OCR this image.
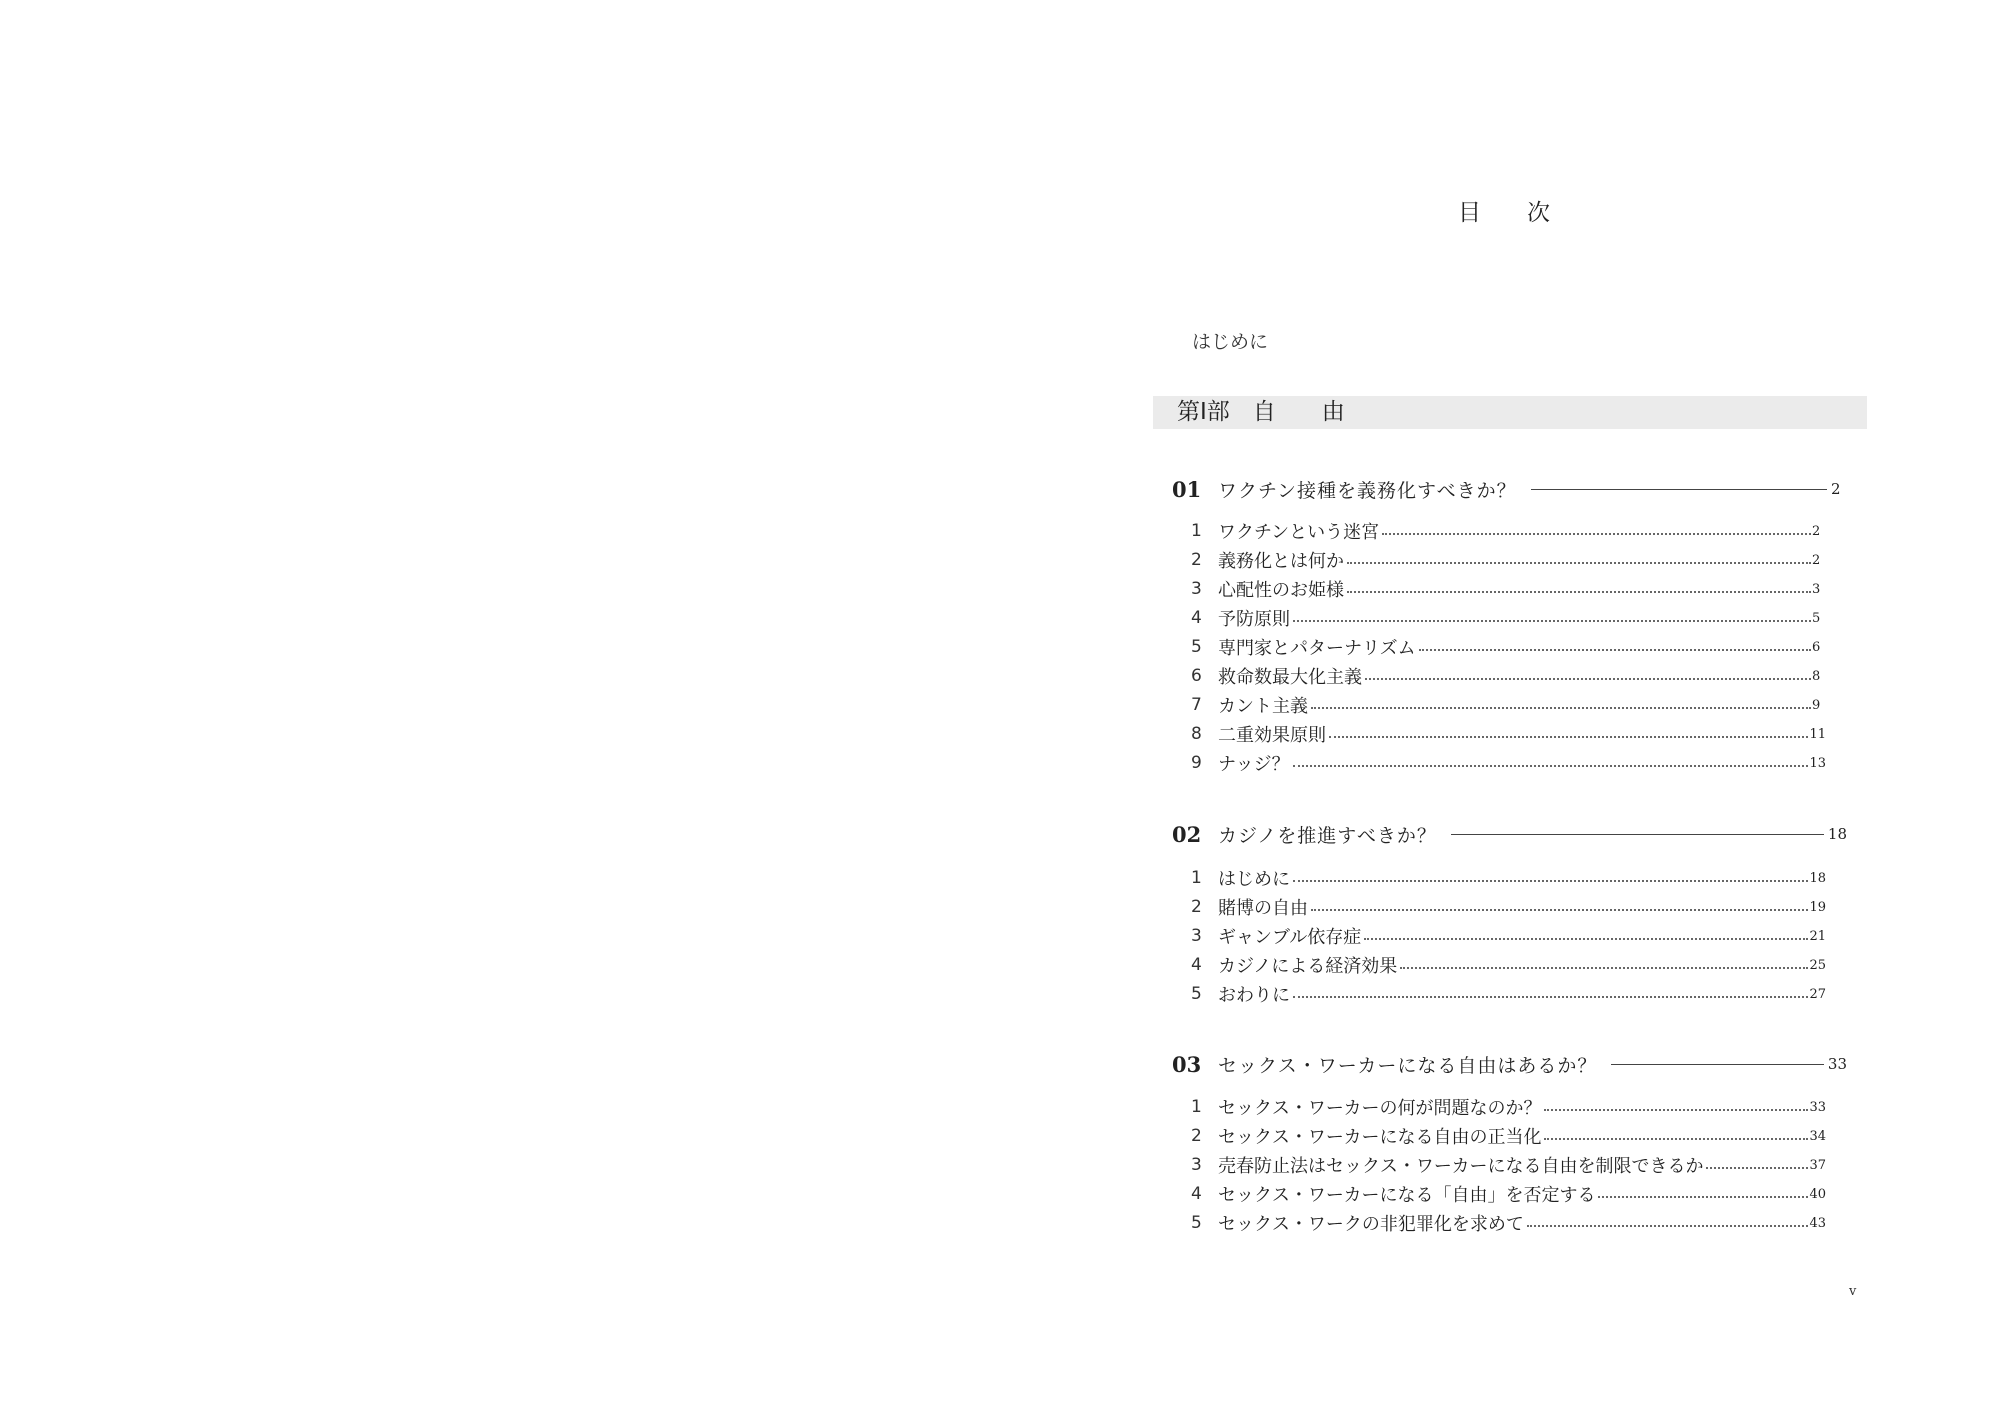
目　　次
はじめに
第Ⅰ部　自　　由
01 ワクチン接種を義務化すべきか？	2
1 ワクチンという迷宮	2
2 義務化とは何か	2
3 心配性のお姫様	3
4 予防原則	5
5 専門家とパターナリズム	6
6 救命数最大化主義	8
7 カント主義	9
8 二重効果原則	11
9 ナッジ？	13
02 カジノを推進すべきか？	18
1 はじめに	18
2 賭博の自由	19
3 ギャンブル依存症	21
4 カジノによる経済効果	25
5 おわりに	27
03 セックス・ワーカーになる自由はあるか？	33
1 セックス・ワーカーの何が問題なのか？	33
2 セックス・ワーカーになる自由の正当化	34
3 売春防止法はセックス・ワーカーになる自由を制限できるか	37
4 セックス・ワーカーになる「自由」を否定する	40
5 セックス・ワークの非犯罪化を求めて	43
v
